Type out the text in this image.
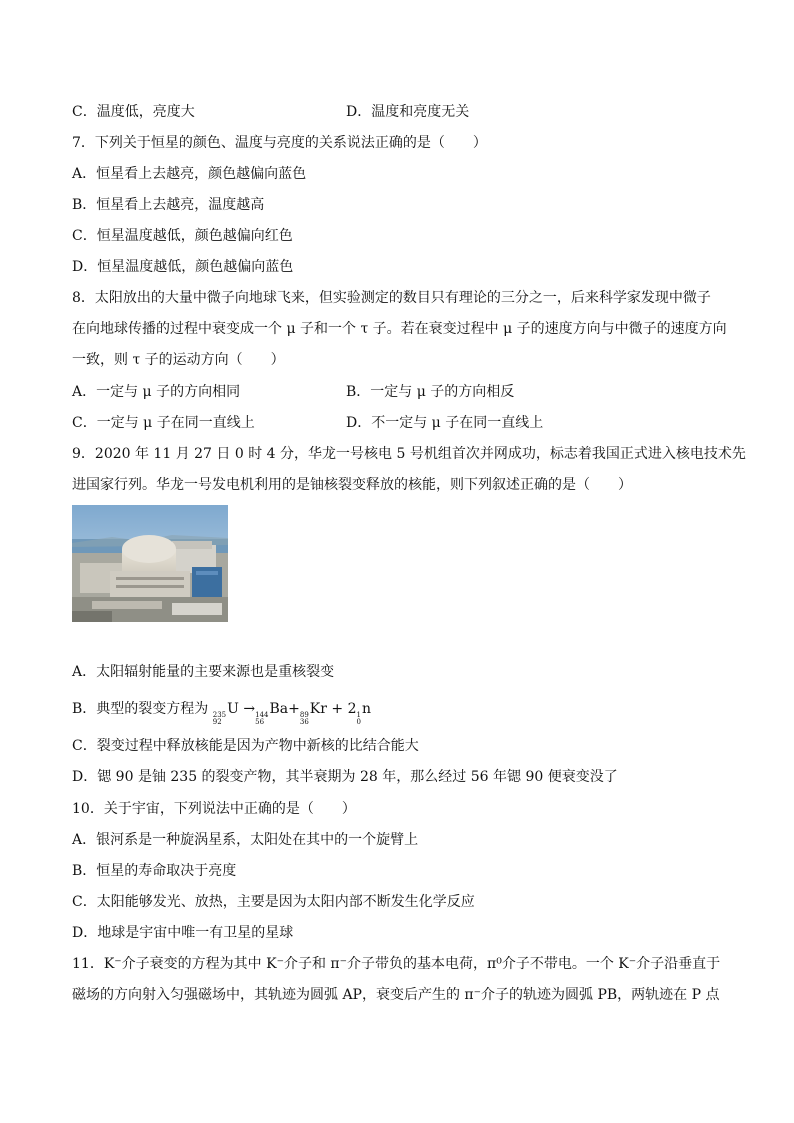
C．温度低，亮度大	D．温度和亮度无关
7．下列关于恒星的颜色、温度与亮度的关系说法正确的是（　　）
A．恒星看上去越亮，颜色越偏向蓝色
B．恒星看上去越亮，温度越高
C．恒星温度越低，颜色越偏向红色
D．恒星温度越低，颜色越偏向蓝色
8．太阳放出的大量中微子向地球飞来，但实验测定的数目只有理论的三分之一，后来科学家发现中微子
在向地球传播的过程中衰变成一个 μ 子和一个 τ 子。若在衰变过程中 μ 子的速度方向与中微子的速度方向
一致，则 τ 子的运动方向（　　）
A．一定与 μ 子的方向相同	B．一定与 μ 子的方向相反
C．一定与 μ 子在同一直线上	D．不一定与 μ 子在同一直线上
9．2020 年 11 月 27 日 0 时 4 分，华龙一号核电 5 号机组首次并网成功，标志着我国正式进入核电技术先
进国家行列。华龙一号发电机利用的是铀核裂变释放的核能，则下列叙述正确的是（　　）
A．太阳辐射能量的主要来源也是重核裂变
B．典型的裂变方程为 235
92
U → 144
56
Ba+ 89
36
Kr + 2 1
0
n
C．裂变过程中释放核能是因为产物中新核的比结合能大
D．锶 90 是铀 235 的裂变产物，其半衰期为 28 年，那么经过 56 年锶 90 便衰变没了
10．关于宇宙，下列说法中正确的是（　　）
A．银河系是一种旋涡星系，太阳处在其中的一个旋臂上
B．恒星的寿命取决于亮度
C．太阳能够发光、放热，主要是因为太阳内部不断发生化学反应
D．地球是宇宙中唯一有卫星的星球
11．K⁻介子衰变的方程为其中 K⁻介子和 π⁻介子带负的基本电荷，π⁰介子不带电。一个 K⁻介子沿垂直于
磁场的方向射入匀强磁场中，其轨迹为圆弧 AP，衰变后产生的 π⁻介子的轨迹为圆弧 PB，两轨迹在 P 点
